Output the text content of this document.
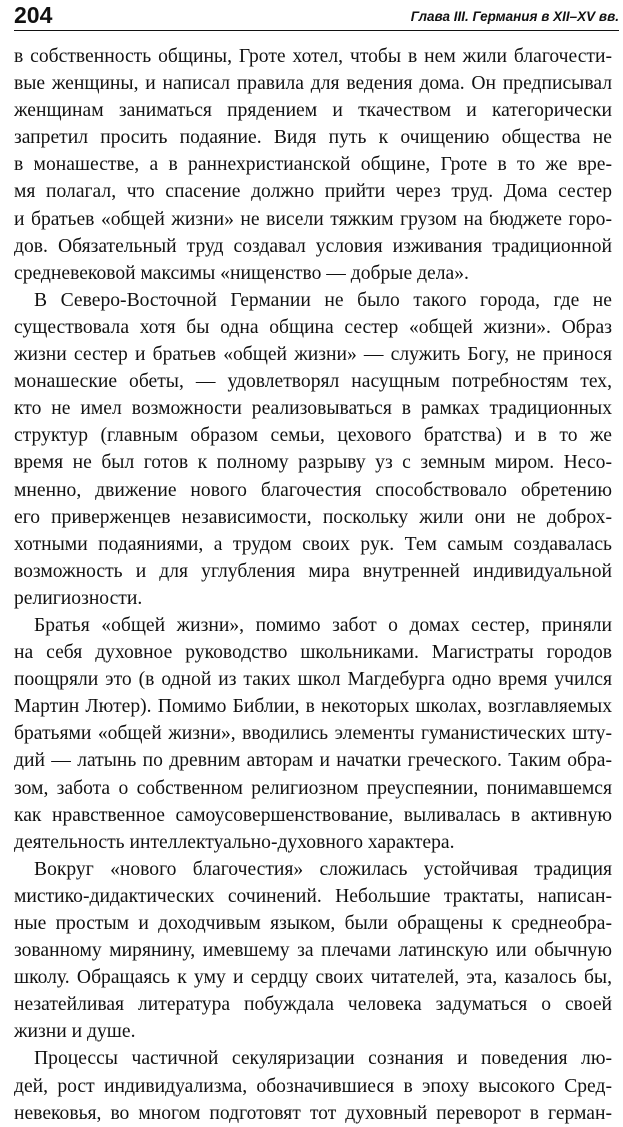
204	Глава III. Германия в XII–XV вв.
в собственность общины, Гроте хотел, чтобы в нем жили благочести-
вые женщины, и написал правила для ведения дома. Он предписывал
женщинам заниматься прядением и ткачеством и категорически
запретил просить подаяние. Видя путь к очищению общества не
в монашестве, а в раннехристианской общине, Гроте в то же вре-
мя полагал, что спасение должно прийти через труд. Дома сестер
и братьев «общей жизни» не висели тяжким грузом на бюджете горо-
дов. Обязательный труд создавал условия изживания традиционной
средневековой максимы «нищенство — добрые дела».
В Северо-Восточной Германии не было такого города, где не
существовала хотя бы одна община сестер «общей жизни». Образ
жизни сестер и братьев «общей жизни» — служить Богу, не принося
монашеские обеты, — удовлетворял насущным потребностям тех,
кто не имел возможности реализовываться в рамках традиционных
структур (главным образом семьи, цехового братства) и в то же
время не был готов к полному разрыву уз с земным миром. Несо-
мненно, движение нового благочестия способствовало обретению
его приверженцев независимости, поскольку жили они не доброх-
хотными подаяниями, а трудом своих рук. Тем самым создавалась
возможность и для углубления мира внутренней индивидуальной
религиозности.
Братья «общей жизни», помимо забот о домах сестер, приняли
на себя духовное руководство школьниками. Магистраты городов
поощряли это (в одной из таких школ Магдебурга одно время учился
Мартин Лютер). Помимо Библии, в некоторых школах, возглавляемых
братьями «общей жизни», вводились элементы гуманистических шту-
дий — латынь по древним авторам и начатки греческого. Таким обра-
зом, забота о собственном религиозном преуспеянии, понимавшемся
как нравственное самоусовершенствование, выливалась в активную
деятельность интеллектуально-духовного характера.
Вокруг «нового благочестия» сложилась устойчивая традиция
мистико-дидактических сочинений. Небольшие трактаты, написан-
ные простым и доходчивым языком, были обращены к среднеобра-
зованному мирянину, имевшему за плечами латинскую или обычную
школу. Обращаясь к уму и сердцу своих читателей, эта, казалось бы,
незатейливая литература побуждала человека задуматься о своей
жизни и душе.
Процессы частичной секуляризации сознания и поведения лю-
дей, рост индивидуализма, обозначившиеся в эпоху высокого Сред-
невековья, во многом подготовят тот духовный переворот в герман-
